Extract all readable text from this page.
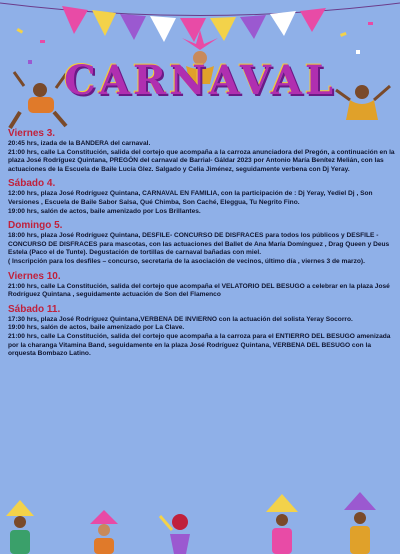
CARNAVAL
Viernes 3.
20:45 hrs, izada de la BANDERA del carnaval.
21:00 hrs, calle La Constitución, salida del cortejo que acompaña a la carroza anunciadora del Pregón, a continuación en la plaza José Rodríguez Quintana, PREGÓN del carnaval de Barrial- Gáldar 2023 por Antonio María Benítez Melián, con las actuaciones de la Escuela de Baile Lucía Glez. Salgado y Celia Jiménez, seguidamente verbena con Dj Yeray.
Sábado 4.
12:00 hrs, plaza José Rodríguez Quintana, CARNAVAL EN FAMILIA, con la participación de : Dj Yeray, Yediel Dj , Son Versiones , Escuela de Baile Sabor Salsa, Qué Chimba, Son Caché, Eleggua, Tu Negrito Fino.
19:00 hrs, salón de actos, baile amenizado por Los Brillantes.
Domingo 5.
18:00 hrs, plaza José Rodríguez Quintana, DESFILE- CONCURSO DE DISFRACES para todos los públicos y DESFILE - CONCURSO DE DISFRACES para mascotas, con las actuaciones del Ballet de Ana María Domínguez , Drag Queen y Deus Estela (Paco el de Tunte). Degustación de tortillas de carnaval bañadas con miel.
( Inscripción para los desfiles – concurso, secretaria de la asociación de vecinos, último día , viernes 3 de marzo).
Viernes 10.
21:00 hrs, calle La Constitución, salida del cortejo que acompaña el VELATORIO DEL BESUGO a celebrar en la plaza José Rodríguez Quintana , seguidamente actuación de Son del Flamenco
Sábado 11.
17:30 hrs, plaza José Rodríguez Quintana,VERBENA DE INVIERNO con la actuación del solista Yeray Socorro.
19:00 hrs, salón de actos, baile amenizado por La Clave.
21:00 hrs, calle La Constitución, salida del cortejo que acompaña a la carroza para el ENTIERRO DEL BESUGO amenizada por la charanga Vitamina Band, seguidamente en la plaza José Rodríguez Quintana, VERBENA DEL BESUGO con la orquesta Bombazo Latino.
